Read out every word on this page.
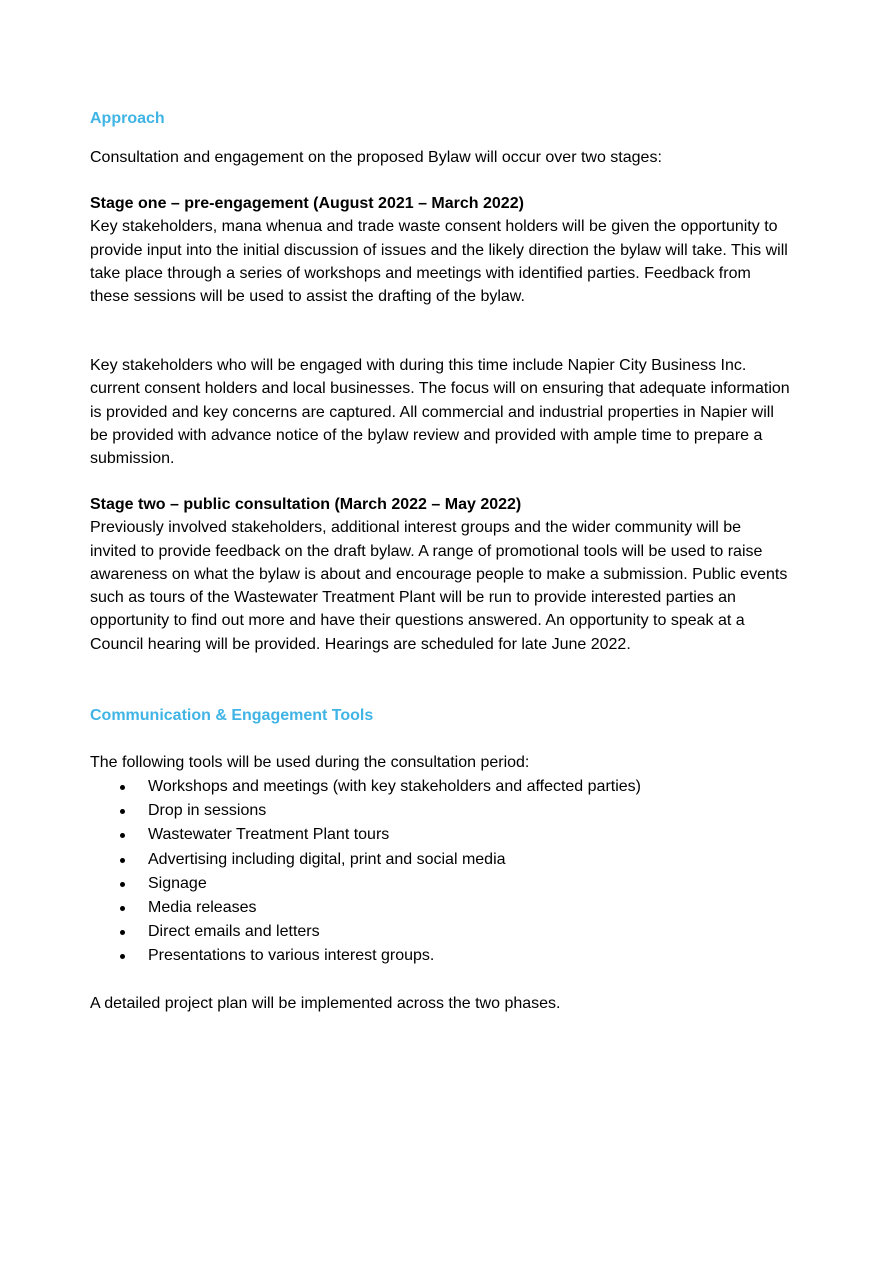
Approach

Consultation and engagement on the proposed Bylaw will occur over two stages:

Stage one – pre-engagement (August 2021 – March 2022)
Key stakeholders, mana whenua and trade waste consent holders will be given the opportunity to provide input into the initial discussion of issues and the likely direction the bylaw will take. This will take place through a series of workshops and meetings with identified parties. Feedback from these sessions will be used to assist the drafting of the bylaw.

Key stakeholders who will be engaged with during this time include Napier City Business Inc. current consent holders and local businesses. The focus will on ensuring that adequate information is provided and key concerns are captured. All commercial and industrial properties in Napier will be provided with advance notice of the bylaw review and provided with ample time to prepare a submission.

Stage two – public consultation (March 2022 – May 2022)
Previously involved stakeholders, additional interest groups and the wider community will be invited to provide feedback on the draft bylaw. A range of promotional tools will be used to raise awareness on what the bylaw is about and encourage people to make a submission. Public events such as tours of the Wastewater Treatment Plant will be run to provide interested parties an opportunity to find out more and have their questions answered. An opportunity to speak at a Council hearing will be provided. Hearings are scheduled for late June 2022.
Communication & Engagement Tools

The following tools will be used during the consultation period:

Workshops and meetings (with key stakeholders and affected parties)
Drop in sessions
Wastewater Treatment Plant tours
Advertising including digital, print and social media
Signage
Media releases
Direct emails and letters
Presentations to various interest groups.

A detailed project plan will be implemented across the two phases.
